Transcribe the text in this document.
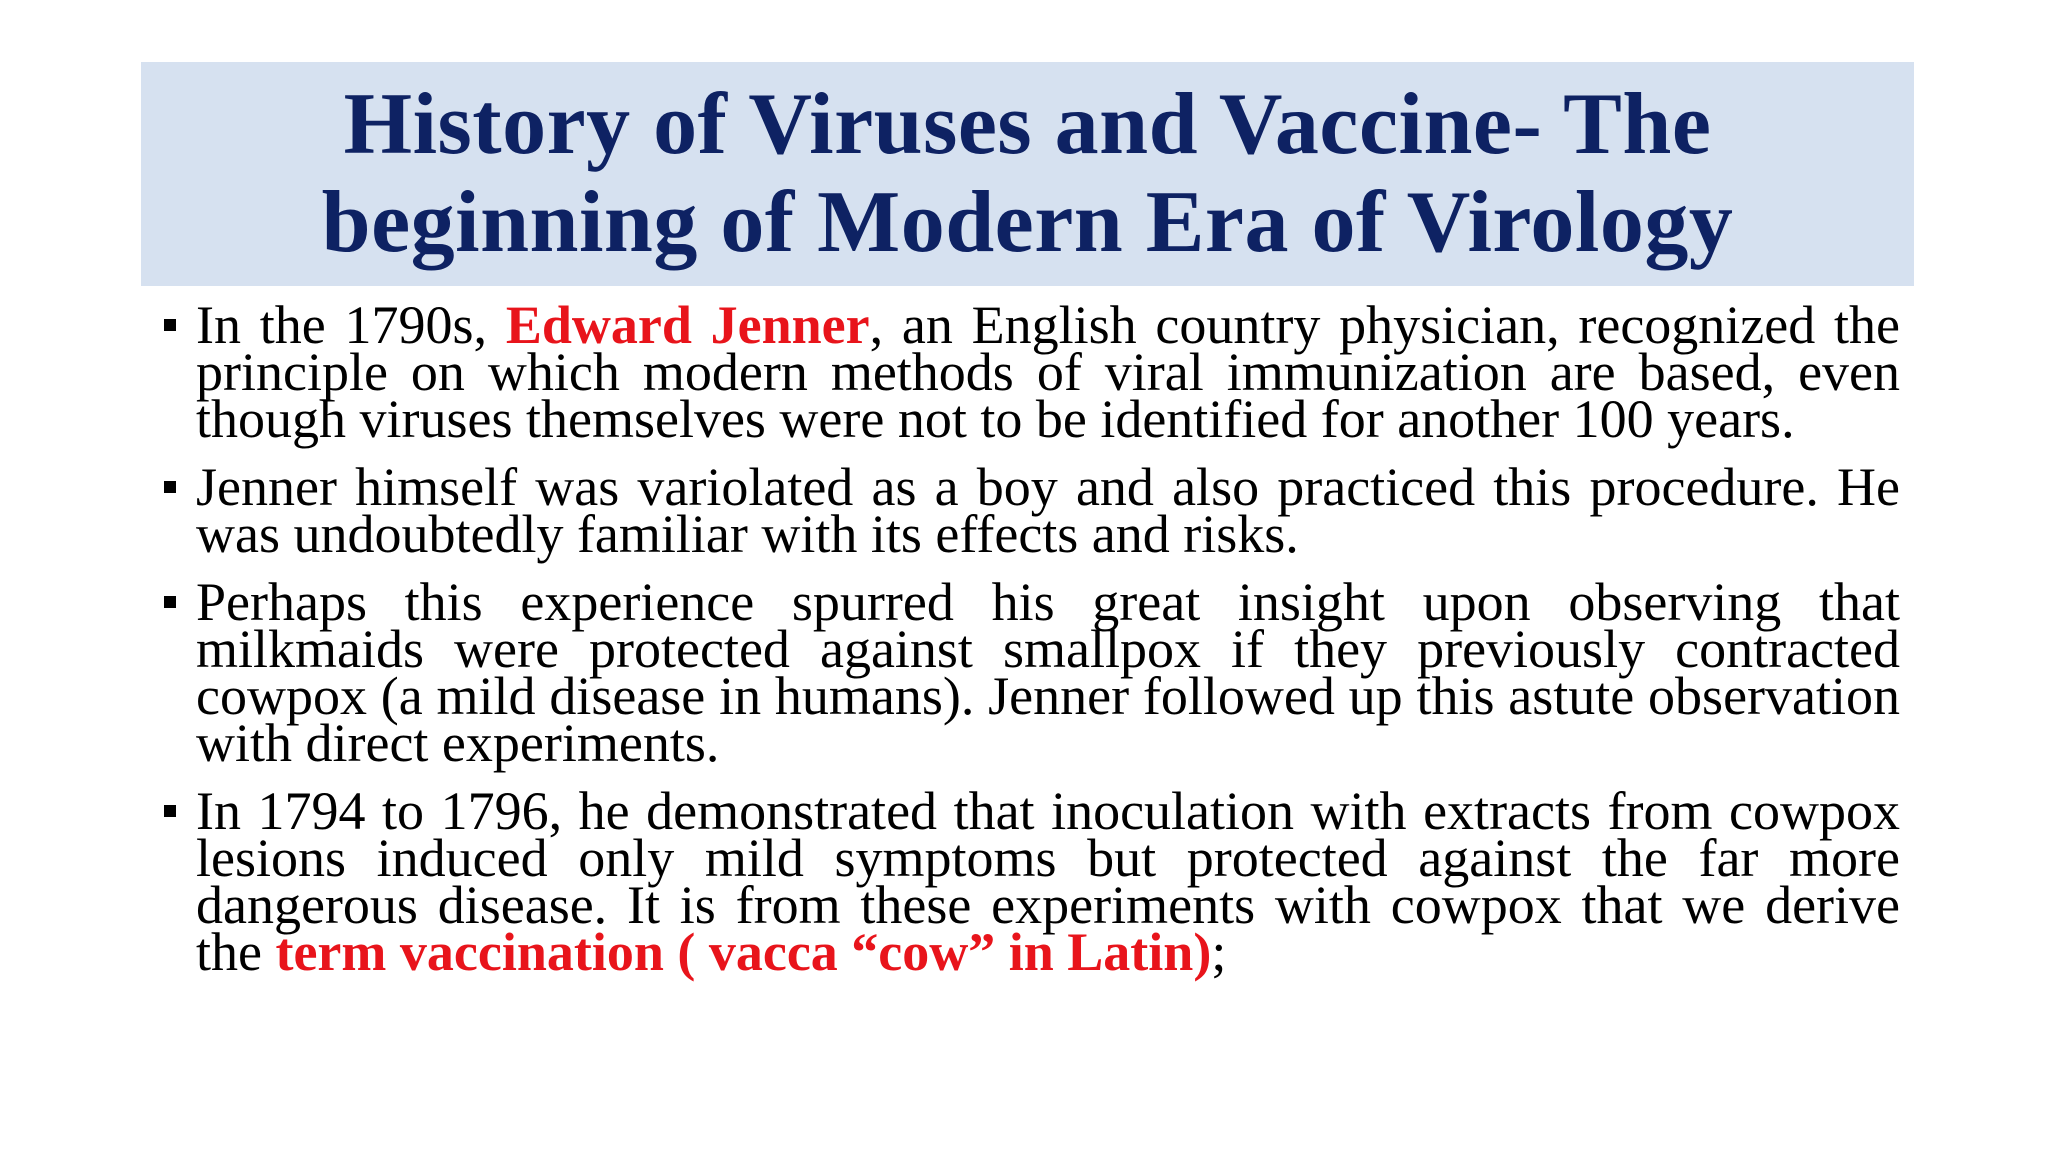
History of Viruses and Vaccine- The
beginning of Modern Era of Virology
In the 1790s, Edward Jenner, an English country physician, recognized the principle on which modern methods of viral immunization are based, even though viruses themselves were not to be identified for another 100 years.
Jenner himself was variolated as a boy and also practiced this procedure. He was undoubtedly familiar with its effects and risks.
Perhaps this experience spurred his great insight upon observing that milkmaids were protected against smallpox if they previously contracted cowpox (a mild disease in humans). Jenner followed up this astute observation with direct experiments.
In 1794 to 1796, he demonstrated that inoculation with extracts from cowpox lesions induced only mild symptoms but protected against the far more dangerous disease. It is from these experiments with cowpox that we derive the term vaccination ( vacca “cow” in Latin);
